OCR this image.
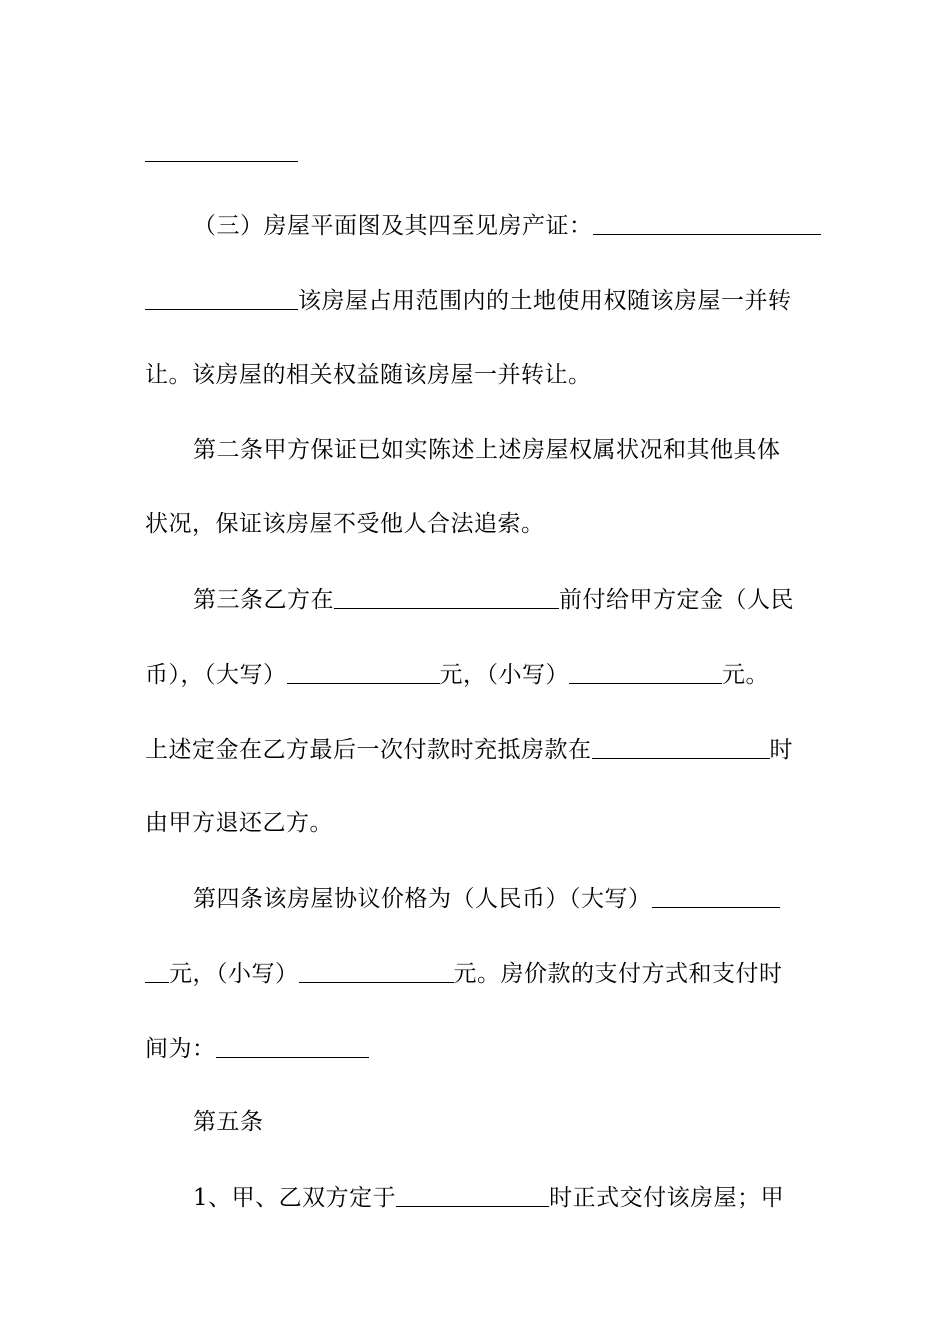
（三）房屋平面图及其四至见房产证：
该房屋占用范围内的土地使用权随该房屋一并转
让。该房屋的相关权益随该房屋一并转让。
第二条甲方保证已如实陈述上述房屋权属状况和其他具体
状况，保证该房屋不受他人合法追索。
第三条乙方在	前付给甲方定金（人民
币），（大写）	元，（小写）	元。
上述定金在乙方最后一次付款时充抵房款在	时
由甲方退还乙方。
第四条该房屋协议价格为（人民币）（大写）
元，（小写）	元。房价款的支付方式和支付时
间为：
第五条
1、甲、乙双方定于	时正式交付该房屋；甲
